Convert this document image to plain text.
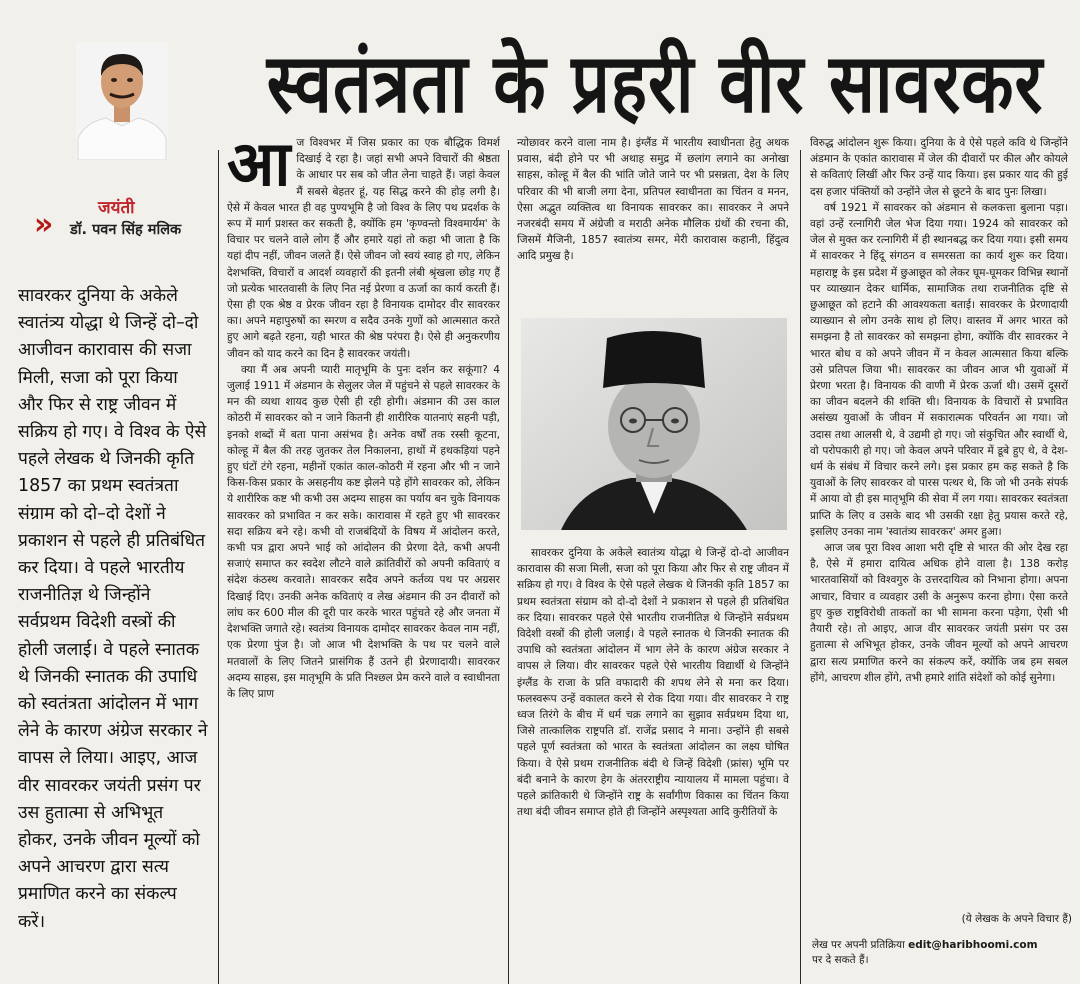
स्वतंत्रता के प्रहरी वीर सावरकर
»	जयंती
डॉ. पवन सिंह मलिक
सावरकर दुनिया के अकेले स्वातंत्र्य योद्धा थे जिन्हें दो–दो आजीवन कारावास की सजा मिली, सजा को पूरा किया और फिर से राष्ट्र जीवन में सक्रिय हो गए। वे विश्व के ऐसे पहले लेखक थे जिनकी कृति 1857 का प्रथम स्वतंत्रता संग्राम को दो–दो देशों ने प्रकाशन से पहले ही प्रतिबंधित कर दिया। वे पहले भारतीय राजनीतिज्ञ थे जिन्होंने सर्वप्रथम विदेशी वस्त्रों की होली जलाई। वे पहले स्नातक थे जिनकी स्नातक की उपाधि को स्वतंत्रता आंदोलन में भाग लेने के कारण अंग्रेज सरकार ने वापस ले लिया। आइए, आज वीर सावरकर जयंती प्रसंग पर उस हुतात्मा से अभिभूत होकर, उनके जीवन मूल्यों को अपने आचरण द्वारा सत्य प्रमाणित करने का संकल्प करें।
आ ज विश्वभर में जिस प्रकार का एक बौद्धिक विमर्श दिखाई दे रहा है। जहां सभी अपने विचारों की श्रेष्ठता के आधार पर सब को जीत लेना चाहते हैं। जहां केवल मैं सबसे बेहतर हूं, यह सिद्ध करने की होड़ लगी है। ऐसे में केवल भारत ही वह पुण्यभूमि है जो विश्व के लिए पथ प्रदर्शक के रूप में मार्ग प्रशस्त कर सकती है, क्योंकि हम 'कृण्वन्तो विश्वमार्यम' के विचार पर चलने वाले लोग हैं और हमारे यहां तो कहा भी जाता है कि यहां दीप नहीं, जीवन जलते हैं। ऐसे जीवन जो स्वयं स्वाह हो गए, लेकिन देशभक्ति, विचारों व आदर्श व्यवहारों की इतनी लंबी श्रृंखला छोड़ गए हैं जो प्रत्येक भारतवासी के लिए नित नई प्रेरणा व ऊर्जा का कार्य करती हैं। ऐसा ही एक श्रेष्ठ व प्रेरक जीवन रहा है विनायक दामोदर वीर सावरकर का। अपने महापुरुषों का स्मरण व सदैव उनके गुणों को आत्मसात करते हुए आगे बढ़ते रहना, यही भारत की श्रेष्ठ परंपरा है। ऐसे ही अनुकरणीय जीवन को याद करने का दिन है सावरकर जयंती।
क्या मैं अब अपनी प्यारी मातृभूमि के पुनः दर्शन कर सकूंगा? 4 जुलाई 1911 में अंडमान के सेलुलर जेल में पहुंचने से पहले सावरकर के मन की व्यथा शायद कुछ ऐसी ही रही होगी। अंडमान की उस काल कोठरी में सावरकर को न जाने कितनी ही शारीरिक यातनाएं सहनी पड़ी, इनको शब्दों में बता पाना असंभव है। अनेक वर्षों तक रस्सी कूटना, कोल्हू में बैल की तरह जुतकर तेल निकालना, हाथों में हथकड़ियां पहने हुए घंटों टंगे रहना, महीनों एकांत काल-कोठरी में रहना और भी न जाने किस-किस प्रकार के असहनीय कष्ट झेलने पड़े होंगे सावरकर को, लेकिन ये शारीरिक कष्ट भी कभी उस अदम्य साहस का पर्याय बन चुके विनायक सावरकर को प्रभावित न कर सके। कारावास में रहते हुए भी सावरकर सदा सक्रिय बने रहे। कभी वो राजबंदियों के विषय में आंदोलन करते, कभी पत्र द्वारा अपने भाई को आंदोलन की प्रेरणा देते, कभी अपनी सजाएं समाप्त कर स्वदेश लौटने वाले क्रांतिवीरों को अपनी कविताएं व संदेश कंठस्थ करवाते। सावरकर सदैव अपने कर्तव्य पथ पर अग्रसर दिखाई दिए। उनकी अनेक कविताएं व लेख अंडमान की उन दीवारों को लांघ कर 600 मील की दूरी पार करके भारत पहुंचते रहे और जनता में देशभक्ति जगाते रहे। स्वतंत्र्य विनायक दामोदर सावरकर केवल नाम नहीं, एक प्रेरणा पुंज है। जो आज भी देशभक्ति के पथ पर चलने वाले मतवालों के लिए जितने प्रासंगिक हैं उतने ही प्रेरणादायी। सावरकर अदम्य साहस, इस मातृभूमि के प्रति निश्छल प्रेम करने वाले व स्वाधीनता के लिए प्राण
न्योछावर करने वाला नाम है। इंग्लैंड में भारतीय स्वाधीनता हेतु अथक प्रवास, बंदी होने पर भी अथाह समुद्र में छलांग लगाने का अनोखा साहस, कोल्हू में बैल की भांति जोते जाने पर भी प्रसन्नता, देश के लिए परिवार की भी बाजी लगा देना, प्रतिपल स्वाधीनता का चिंतन व मनन, ऐसा अद्भुत व्यक्तित्व था विनायक सावरकर का। सावरकर ने अपने नजरबंदी समय में अंग्रेजी व मराठी अनेक मौलिक ग्रंथों की रचना की, जिसमें मैजिनी, 1857 स्वातंत्र्य समर, मेरी कारावास कहानी, हिंदुत्व आदि प्रमुख है।
सावरकर दुनिया के अकेले स्वातंत्र्य योद्धा थे जिन्हें दो-दो आजीवन कारावास की सजा मिली, सजा को पूरा किया और फिर से राष्ट्र जीवन में सक्रिय हो गए। वे विश्व के ऐसे पहले लेखक थे जिनकी कृति 1857 का प्रथम स्वतंत्रता संग्राम को दो-दो देशों ने प्रकाशन से पहले ही प्रतिबंधित कर दिया। सावरकर पहले ऐसे भारतीय राजनीतिज्ञ थे जिन्होंने सर्वप्रथम विदेशी वस्त्रों की होली जलाई। वे पहले स्नातक थे जिनकी स्नातक की उपाधि को स्वतंत्रता आंदोलन में भाग लेने के कारण अंग्रेज सरकार ने वापस ले लिया। वीर सावरकर पहले ऐसे भारतीय विद्यार्थी थे जिन्होंने इंग्लैंड के राजा के प्रति वफादारी की शपथ लेने से मना कर दिया। फलस्वरूप उन्हें वकालत करने से रोक दिया गया। वीर सावरकर ने राष्ट्र ध्वज तिरंगे के बीच में धर्म चक्र लगाने का सुझाव सर्वप्रथम दिया था, जिसे तात्कालिक राष्ट्रपति डॉ. राजेंद्र प्रसाद ने माना। उन्होंने ही सबसे पहले पूर्ण स्वतंत्रता को भारत के स्वतंत्रता आंदोलन का लक्ष्य घोषित किया। वे ऐसे प्रथम राजनीतिक बंदी थे जिन्हें विदेशी (फ्रांस) भूमि पर बंदी बनाने के कारण हेग के अंतरराष्ट्रीय न्यायालय में मामला पहुंचा। वे पहले क्रांतिकारी थे जिन्होंने राष्ट्र के सर्वांगीण विकास का चिंतन किया तथा बंदी जीवन समाप्त होते ही जिन्होंने अस्पृश्यता आदि कुरीतियों के
विरुद्ध आंदोलन शुरू किया। दुनिया के वे ऐसे पहले कवि थे जिन्होंने अंडमान के एकांत कारावास में जेल की दीवारों पर कील और कोयले से कविताएं लिखीं और फिर उन्हें याद किया। इस प्रकार याद की हुई दस हजार पंक्तियों को उन्होंने जेल से छूटने के बाद पुनः लिखा।
वर्ष 1921 में सावरकर को अंडमान से कलकत्ता बुलाना पड़ा। वहां उन्हें रत्नागिरी जेल भेज दिया गया। 1924 को सावरकर को जेल से मुक्त कर रत्नागिरी में ही स्थानबद्ध कर दिया गया। इसी समय में सावरकर ने हिंदू संगठन व समरसता का कार्य शुरू कर दिया। महाराष्ट्र के इस प्रदेश में छुआछूत को लेकर घूम-घूमकर विभिन्न स्थानों पर व्याख्यान देकर धार्मिक, सामाजिक तथा राजनीतिक दृष्टि से छुआछूत को हटाने की आवश्यकता बताई। सावरकर के प्रेरणादायी व्याख्यान से लोग उनके साथ हो लिए। वास्तव में अगर भारत को समझना है तो सावरकर को समझना होगा, क्योंकि वीर सावरकर ने भारत बोध व को अपने जीवन में न केवल आत्मसात किया बल्कि उसे प्रतिपल जिया भी। सावरकर का जीवन आज भी युवाओं में प्रेरणा भरता है। विनायक की वाणी में प्रेरक ऊर्जा थी। उसमें दूसरों का जीवन बदलने की शक्ति थी। विनायक के विचारों से प्रभावित असंख्य युवाओं के जीवन में सकारात्मक परिवर्तन आ गया। जो उदास तथा आलसी थे, वे उद्यमी हो गए। जो संकुचित और स्वार्थी थे, वो परोपकारी हो गए। जो केवल अपने परिवार में डूबे हुए थे, वे देश-धर्म के संबंध में विचार करने लगे। इस प्रकार हम कह सकते है कि युवाओं के लिए सावरकर वो पारस पत्थर थे, कि जो भी उनके संपर्क में आया वो ही इस मातृभूमि की सेवा में लग गया। सावरकर स्वतंत्रता प्राप्ति के लिए व उसके बाद भी उसकी रक्षा हेतु प्रयास करते रहे, इसलिए उनका नाम 'स्वातंत्र्य सावरकर' अमर हुआ।
आज जब पूरा विश्व आशा भरी दृष्टि से भारत की ओर देख रहा है, ऐसे में हमारा दायित्व अधिक होने वाला है। 138 करोड़ भारतवासियों को विश्वगुरु के उत्तरदायित्व को निभाना होगा। अपना आचार, विचार व व्यवहार उसी के अनुरूप करना होगा। ऐसा करते हुए कुछ राष्ट्रविरोधी ताकतों का भी सामना करना पड़ेगा, ऐसी भी तैयारी रहे। तो आइए, आज वीर सावरकर जयंती प्रसंग पर उस हुतात्मा से अभिभूत होकर, उनके जीवन मूल्यों को अपने आचरण द्वारा सत्य प्रमाणित करने का संकल्प करें, क्योंकि जब हम सबल होंगे, आचरण शील होंगे, तभी हमारे शांति संदेशों को कोई सुनेगा।
(ये लेखक के अपने विचार हैं)
लेख पर अपनी प्रतिक्रिया edit@haribhoomi.com
पर दे सकते हैं।
